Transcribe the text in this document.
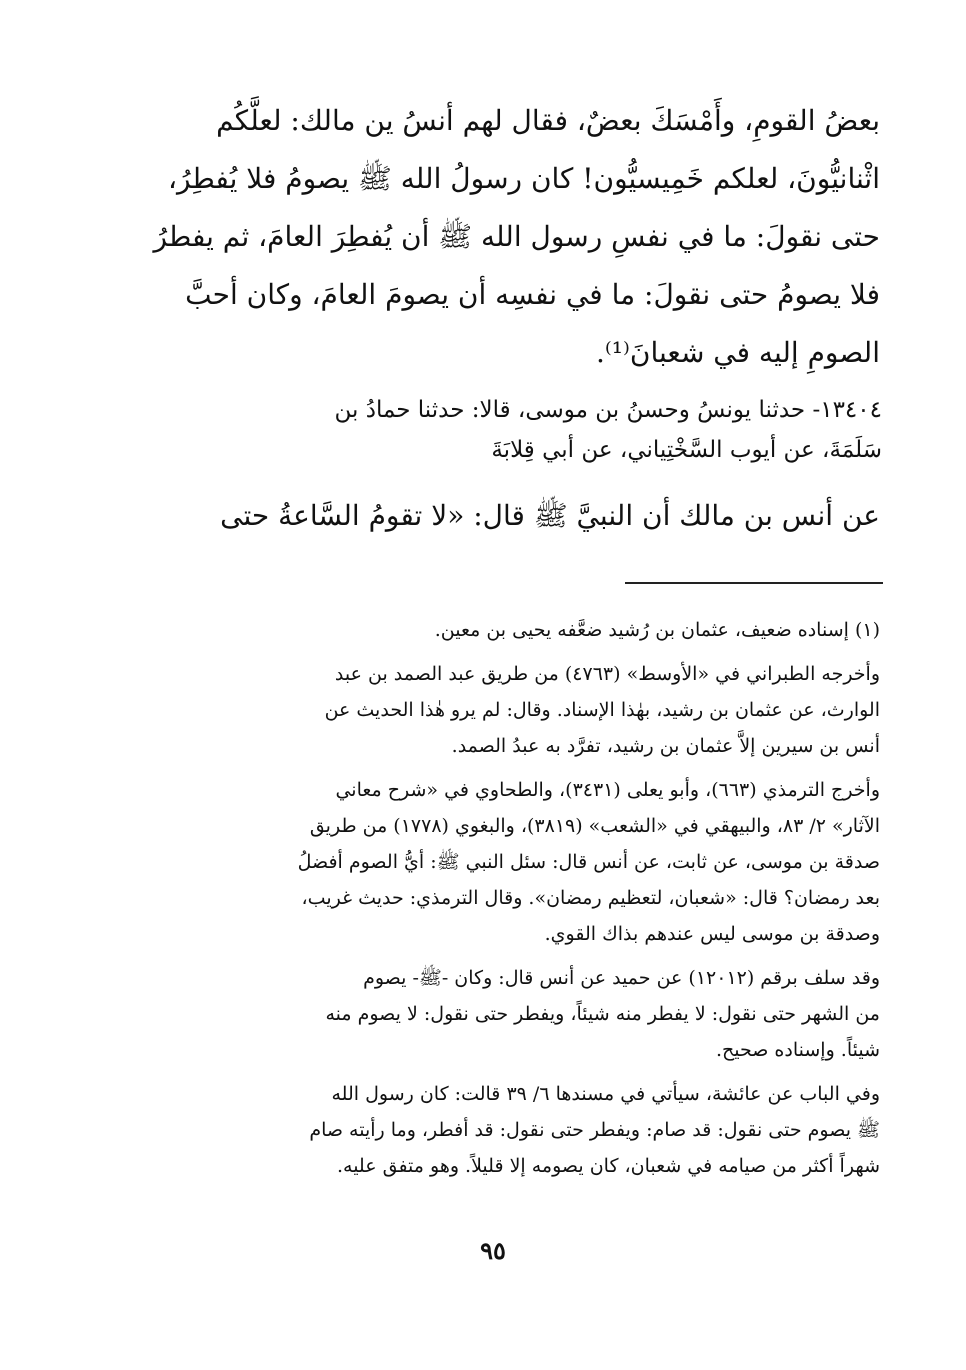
بعضُ القومِ، وأَمْسَكَ بعضٌ، فقال لهم أنسُ ين مالك: لعلَّكُم
اثْنانيُّونَ، لعلكم خَمِيسيُّون! كان رسولُ الله ﷺ يصومُ فلا يُفطِرُ،
حتى نقولَ: ما في نفسِ رسول الله ﷺ أن يُفطِرَ العامَ، ثم يفطرُ
فلا يصومُ حتى نقولَ: ما في نفسِه أن يصومَ العامَ، وكان أحبَّ
الصومِ إليه في شعبانَ⁽¹⁾.
١٣٤٠٤- حدثنا يونسُ وحسنُ بن موسى، قالا: حدثنا حمادُ بن
سَلَمَةَ، عن أيوب السَّخْتِياني، عن أبي قِلابَةَ
عن أنس بن مالك أن النبيَّ ﷺ قال: «لا تقومُ السَّاعةُ حتى
(١) إسناده ضعيف، عثمان بن رُشيد ضعَّفه يحيى بن معين.
وأخرجه الطبراني في «الأوسط» (٤٧٦٣) من طريق عبد الصمد بن عبد
الوارث، عن عثمان بن رشيد، بهٰذا الإسناد. وقال: لم يرو هٰذا الحديث عن
أنس بن سيرين إلاَّ عثمان بن رشيد، تفرَّد به عبدُ الصمد.
وأخرج الترمذي (٦٦٣)، وأبو يعلى (٣٤٣١)، والطحاوي في «شرح معاني
الآثار» ٢/ ٨٣، والبيهقي في «الشعب» (٣٨١٩)، والبغوي (١٧٧٨) من طريق
صدقة بن موسى، عن ثابت، عن أنس قال: سئل النبي ﷺ: أيُّ الصوم أفضلُ
بعد رمضان؟ قال: «شعبان، لتعظيم رمضان». وقال الترمذي: حديث غريب،
وصدقة بن موسى ليس عندهم بذاك القوي.
وقد سلف برقم (١٢٠١٢) عن حميد عن أنس قال: وكان -ﷺ- يصوم
من الشهر حتى نقول: لا يفطر منه شيئاً، ويفطر حتى نقول: لا يصوم منه
شيئاً. وإسناده صحيح.
وفي الباب عن عائشة، سيأتي في مسندها ٦/ ٣٩ قالت: كان رسول الله
ﷺ يصوم حتى نقول: قد صام: ويفطر حتى نقول: قد أفطر، وما رأيته صام
شهراً أكثر من صيامه في شعبان، كان يصومه إلا قليلاً. وهو متفق عليه.
٩٥
